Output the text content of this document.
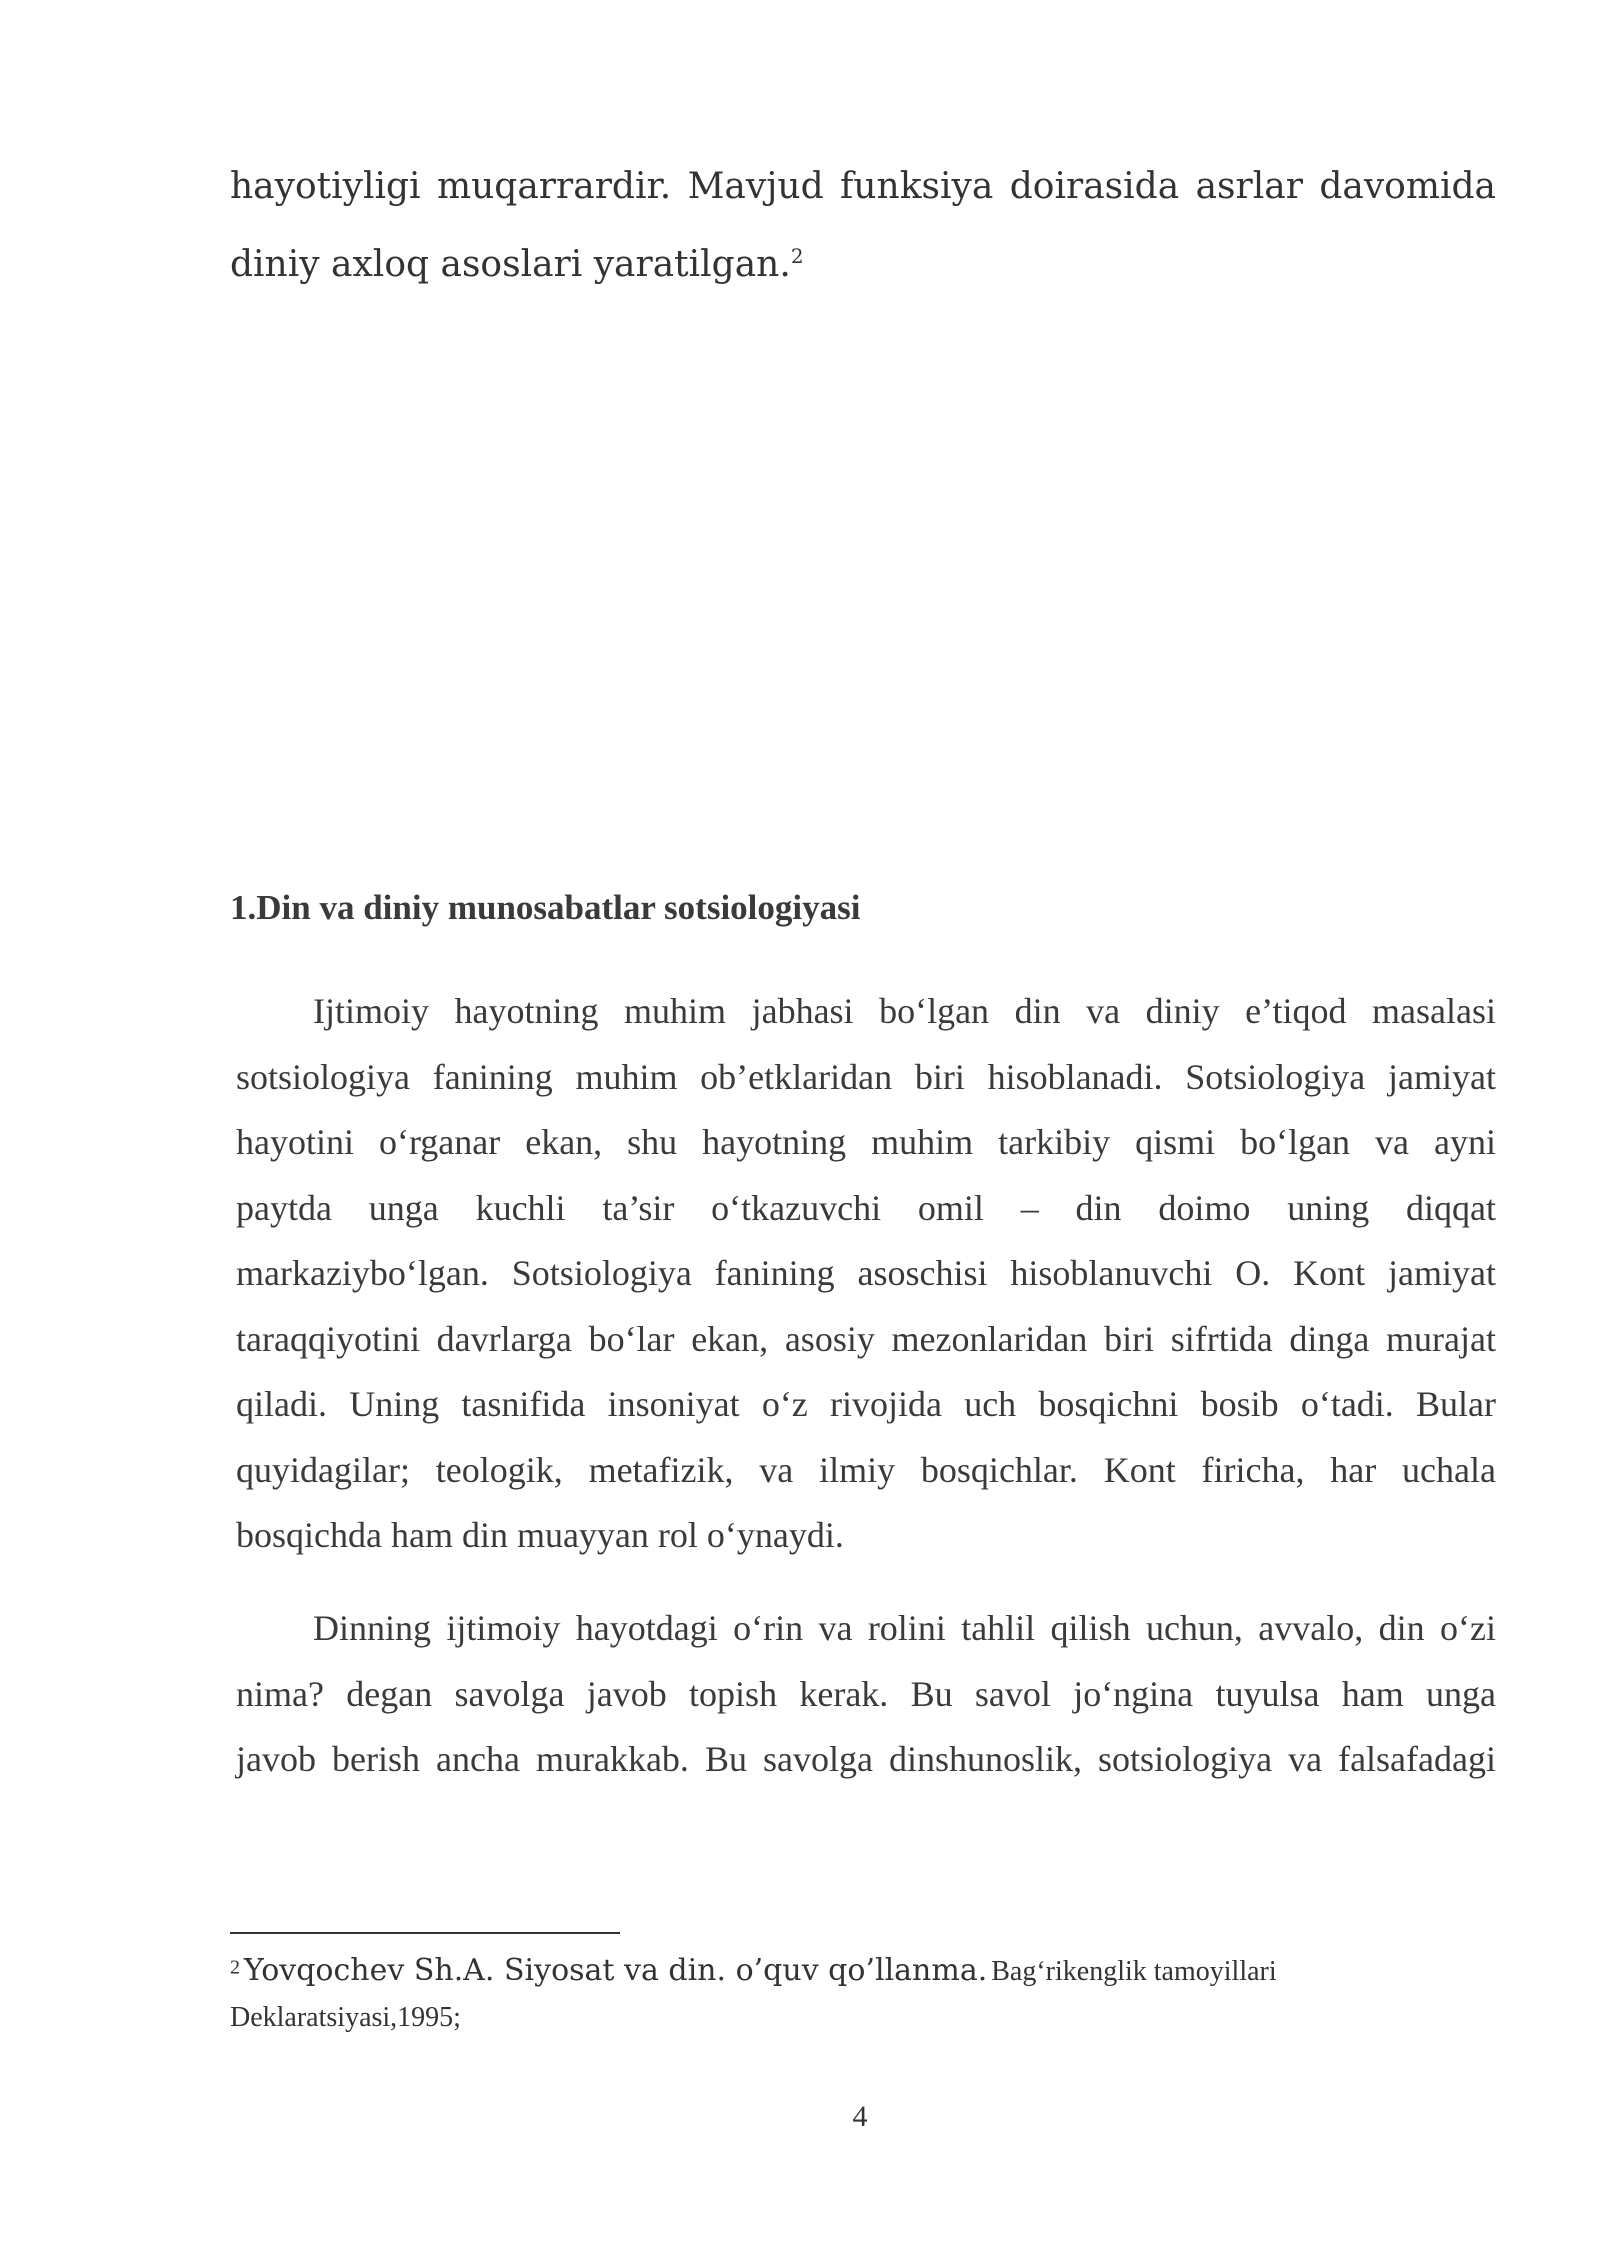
hayotiyligi muqarrardir. Mavjud funksiya doirasida asrlar davomida
diniy axloq asoslari yaratilgan.$^2$

1.Din va diniy munosabatlar sotsiologiyasi

Ijtimoiy hayotning muhim jabhasi bo‘lgan din va diniy e’tiqod masalasi
sotsiologiya fanining muhim ob’etklaridan biri hisoblanadi. Sotsiologiya jamiyat
hayotini o‘rganar ekan, shu hayotning muhim tarkibiy qismi bo‘lgan va ayni
paytda unga kuchli ta’sir o‘tkazuvchi omil – din doimo uning diqqat
markaziybo‘lgan. Sotsiologiya fanining asoschisi hisoblanuvchi O. Kont jamiyat
taraqqiyotini davrlarga bo‘lar ekan, asosiy mezonlaridan biri sifrtida dinga murajat
qiladi. Uning tasnifida insoniyat o‘z rivojida uch bosqichni bosib o‘tadi. Bular
quyidagilar; teologik, metafizik, va ilmiy bosqichlar. Kont firicha, har uchala
bosqichda ham din muayyan rol o‘ynaydi.

Dinning ijtimoiy hayotdagi o‘rin va rolini tahlil qilish uchun, avvalo, din o‘zi
nima? degan savolga javob topish kerak. Bu savol jo‘ngina tuyulsa ham unga
javob berish ancha murakkab. Bu savolga dinshunoslik, sotsiologiya va falsafadagi

2 Yovqochev Sh.A. Siyosat va din. o’quv qo’llanma. Bag‘rikenglik tamoyillari
Deklaratsiyasi,1995;

4
